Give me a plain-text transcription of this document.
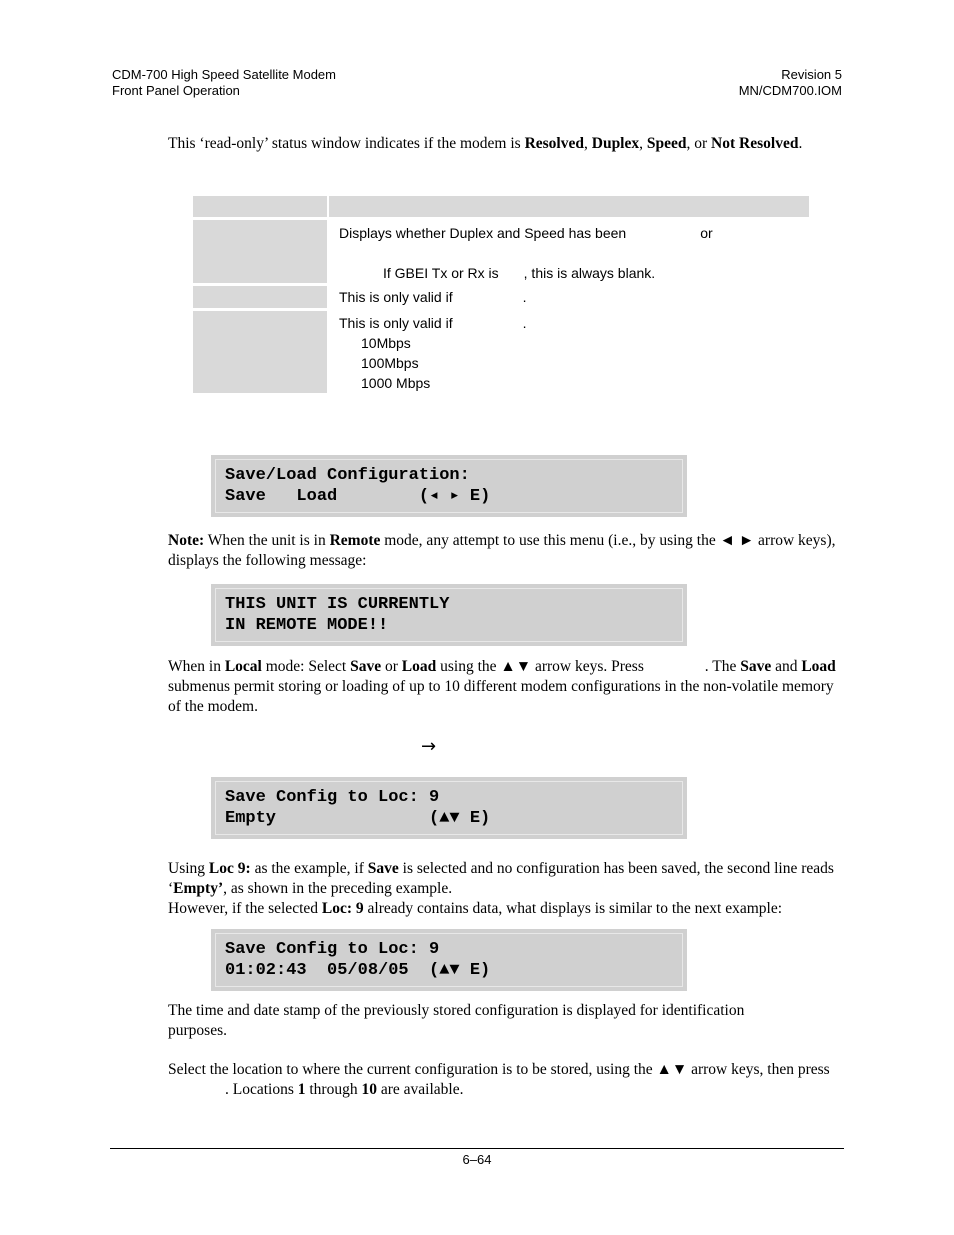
CDM-700 High Speed Satellite Modem
Front Panel Operation
Revision 5
MN/CDM700.IOM
This ‘read-only’ status window indicates if the modem is Resolved, Duplex, Speed, or Not Resolved.

	Displays whether Duplex and Speed has been or
If GBEI Tx or Rx is , this is always blank.

	This is only valid if .

	This is only valid if .
10Mbps
100Mbps
1000 Mbps
Save/Load Configuration:
Save   Load        (◂ ▸ E)
Note: When the unit is in Remote mode, any attempt to use this menu (i.e., by using the ◄ ► arrow keys), displays the following message:
THIS UNIT IS CURRENTLY
IN REMOTE MODE!!
When in Local mode: Select Save or Load using the ▲▼ arrow keys. Press	. The Save and Load submenus permit storing or loading of up to 10 different modem configurations in the non-volatile memory of the modem.
→
Save Config to Loc: 9
Empty               (▲▼ E)
Using Loc 9: as the example, if Save is selected and no configuration has been saved, the second line reads ‘Empty’, as shown in the preceding example.
However, if the selected Loc: 9 already contains data, what displays is similar to the next example:
Save Config to Loc: 9
01:02:43  05/08/05  (▲▼ E)
The time and date stamp of the previously stored configuration is displayed for identification purposes.
Select the location to where the current configuration is to be stored, using the ▲▼ arrow keys, then press . Locations 1 through 10 are available.
6–64
